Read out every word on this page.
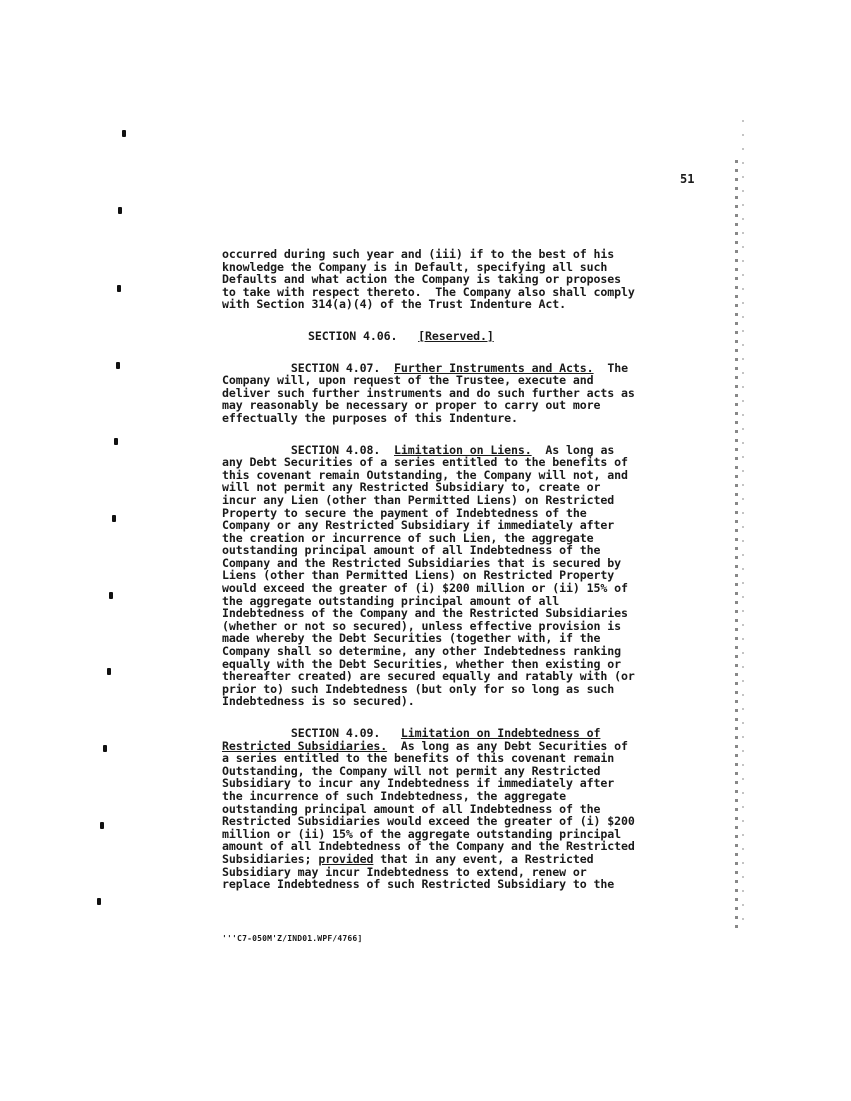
51
occurred during such year and (iii) if to the best of his
knowledge the Company is in Default, specifying all such
Defaults and what action the Company is taking or proposes
to take with respect thereto.  The Company also shall comply
with Section 314(a)(4) of the Trust Indenture Act.
SECTION 4.06. [Reserved.]
SECTION 4.07. Further Instruments and Acts. The
Company will, upon request of the Trustee, execute and
deliver such further instruments and do such further acts as
may reasonably be necessary or proper to carry out more
effectually the purposes of this Indenture.
SECTION 4.08. Limitation on Liens. As long as
any Debt Securities of a series entitled to the benefits of
this covenant remain Outstanding, the Company will not, and
will not permit any Restricted Subsidiary to, create or
incur any Lien (other than Permitted Liens) on Restricted
Property to secure the payment of Indebtedness of the
Company or any Restricted Subsidiary if immediately after
the creation or incurrence of such Lien, the aggregate
outstanding principal amount of all Indebtedness of the
Company and the Restricted Subsidiaries that is secured by
Liens (other than Permitted Liens) on Restricted Property
would exceed the greater of (i) $200 million or (ii) 15% of
the aggregate outstanding principal amount of all
Indebtedness of the Company and the Restricted Subsidiaries
(whether or not so secured), unless effective provision is
made whereby the Debt Securities (together with, if the
Company shall so determine, any other Indebtedness ranking
equally with the Debt Securities, whether then existing or
thereafter created) are secured equally and ratably with (or
prior to) such Indebtedness (but only for so long as such
Indebtedness is so secured).
SECTION 4.09. Limitation on Indebtedness of
Restricted Subsidiaries. As long as any Debt Securities of
a series entitled to the benefits of this covenant remain
Outstanding, the Company will not permit any Restricted
Subsidiary to incur any Indebtedness if immediately after
the incurrence of such Indebtedness, the aggregate
outstanding principal amount of all Indebtedness of the
Restricted Subsidiaries would exceed the greater of (i) $200
million or (ii) 15% of the aggregate outstanding principal
amount of all Indebtedness of the Company and the Restricted
Subsidiaries; provided that in any event, a Restricted
Subsidiary may incur Indebtedness to extend, renew or
replace Indebtedness of such Restricted Subsidiary to the
'''C7-050M'Z/IND01.WPF/4766]
